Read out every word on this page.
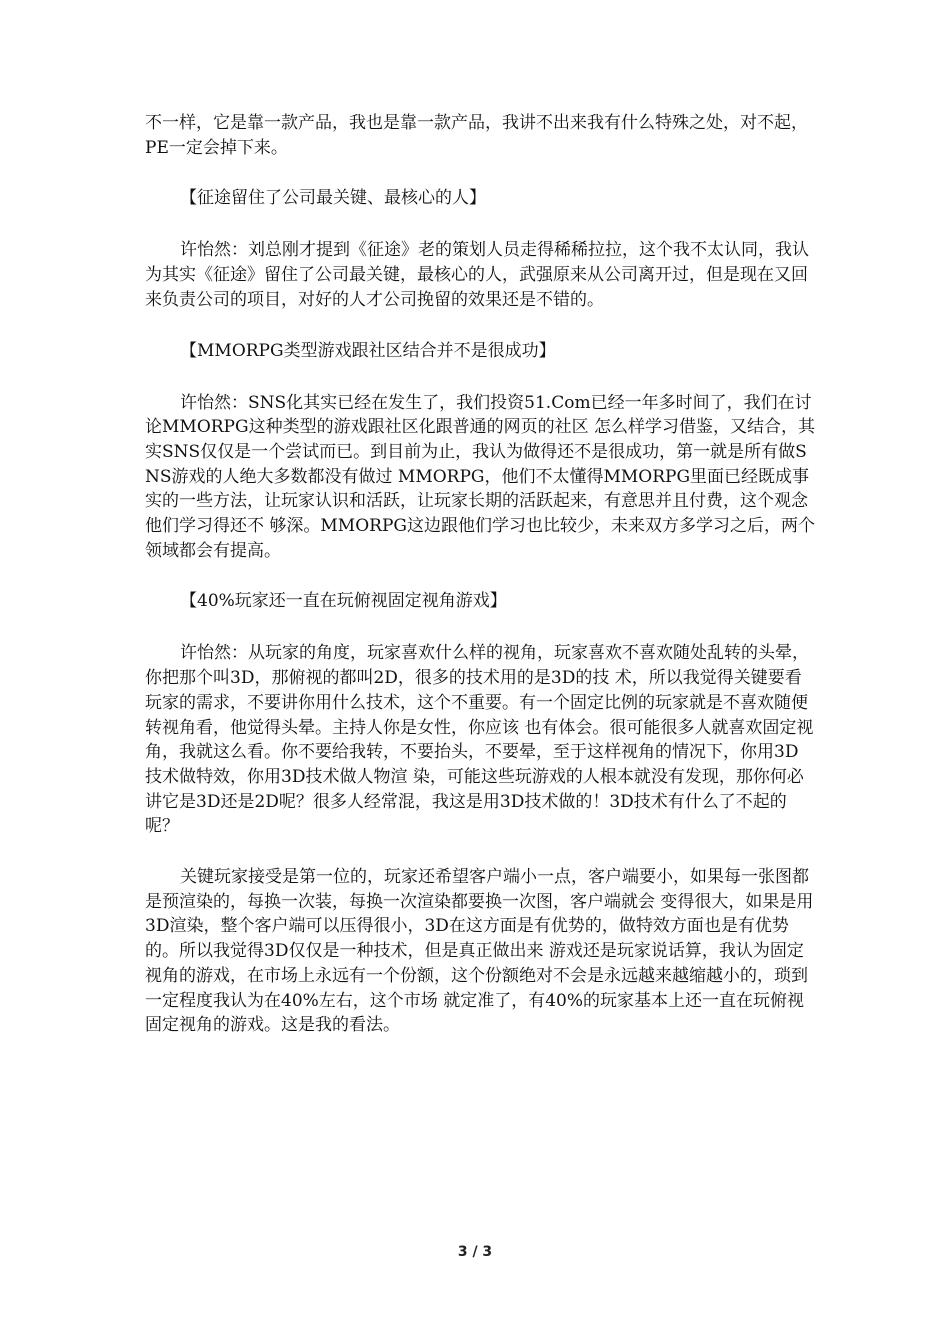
不一样，它是靠一款产品，我也是靠一款产品，我讲不出来我有什么特殊之处，对不起，PE一定会掉下来。

【征途留住了公司最关键、最核心的人】

许怡然：刘总刚才提到《征途》老的策划人员走得稀稀拉拉，这个我不太认同，我认为其实《征途》留住了公司最关键，最核心的人，武强原来从公司离开过，但是现在又回来负责公司的项目，对好的人才公司挽留的效果还是不错的。

【MMORPG类型游戏跟社区结合并不是很成功】

许怡然：SNS化其实已经在发生了，我们投资51.Com已经一年多时间了，我们在讨论MMORPG这种类型的游戏跟社区化跟普通的网页的社区 怎么样学习借鉴，又结合，其实SNS仅仅是一个尝试而已。到目前为止，我认为做得还不是很成功，第一就是所有做SNS游戏的人绝大多数都没有做过 MMORPG，他们不太懂得MMORPG里面已经既成事实的一些方法，让玩家认识和活跃，让玩家长期的活跃起来，有意思并且付费，这个观念他们学习得还不 够深。MMORPG这边跟他们学习也比较少，未来双方多学习之后，两个领域都会有提高。

【40%玩家还一直在玩俯视固定视角游戏】

许怡然：从玩家的角度，玩家喜欢什么样的视角，玩家喜欢不喜欢随处乱转的头晕，你把那个叫3D，那俯视的都叫2D，很多的技术用的是3D的技 术，所以我觉得关键要看玩家的需求，不要讲你用什么技术，这个不重要。有一个固定比例的玩家就是不喜欢随便转视角看，他觉得头晕。主持人你是女性，你应该 也有体会。很可能很多人就喜欢固定视角，我就这么看。你不要给我转，不要抬头，不要晕，至于这样视角的情况下，你用3D技术做特效，你用3D技术做人物渲 染，可能这些玩游戏的人根本就没有发现，那你何必讲它是3D还是2D呢？很多人经常混，我这是用3D技术做的！3D技术有什么了不起的呢？

关键玩家接受是第一位的，玩家还希望客户端小一点，客户端要小，如果每一张图都是预渲染的，每换一次装，每换一次渲染都要换一次图，客户端就会 变得很大，如果是用3D渲染，整个客户端可以压得很小，3D在这方面是有优势的，做特效方面也是有优势的。所以我觉得3D仅仅是一种技术，但是真正做出来 游戏还是玩家说话算，我认为固定视角的游戏，在市场上永远有一个份额，这个份额绝对不会是永远越来越缩越小的，琐到一定程度我认为在40%左右，这个市场 就定准了，有40%的玩家基本上还一直在玩俯视固定视角的游戏。这是我的看法。

3 / 3
